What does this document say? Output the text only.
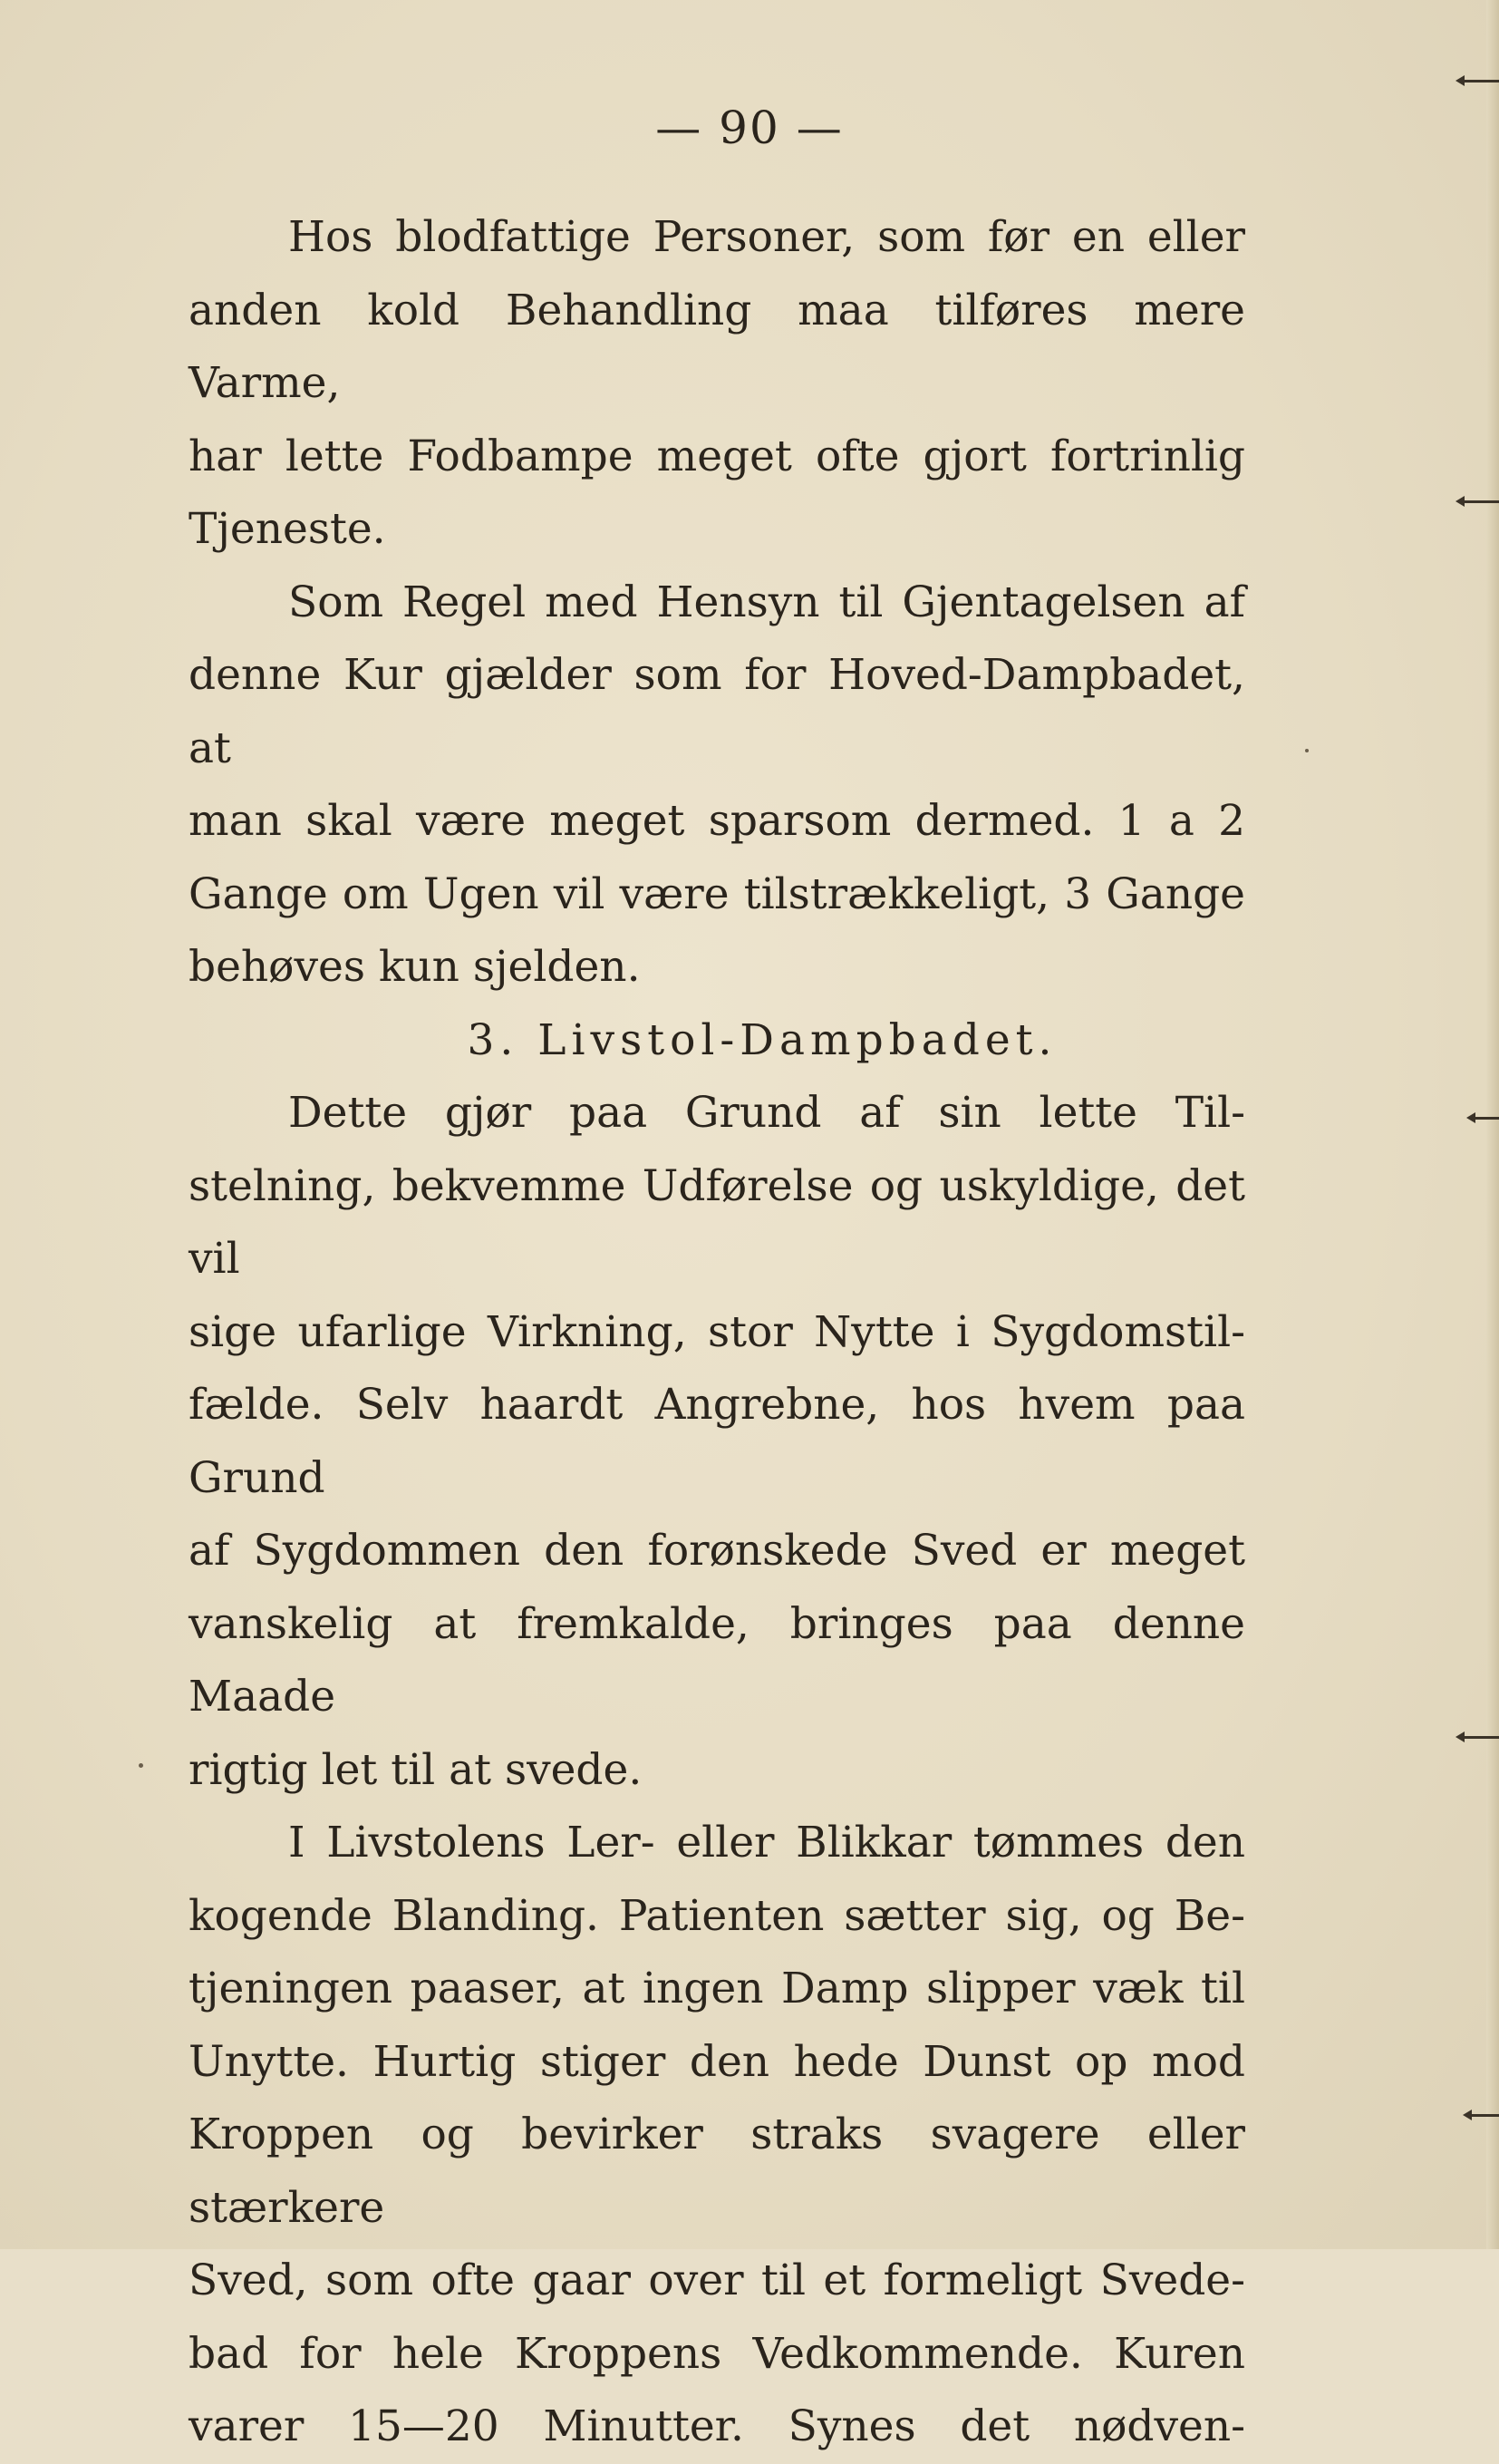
— 90 —

Hos blodfattige Personer, som før en eller

anden kold Behandling maa tilføres mere Varme,

har lette Fodbampe meget ofte gjort fortrinlig

Tjeneste.

Som Regel med Hensyn til Gjentagelsen af

denne Kur gjælder som for Hoved-Dampbadet, at

man skal være meget sparsom dermed. 1 a 2

Gange om Ugen vil være tilstrækkeligt, 3 Gange

behøves kun sjelden.

3. Livstol-Dampbadet.

Dette gjør paa Grund af sin lette Til-

stelning, bekvemme Udførelse og uskyldige, det vil

sige ufarlige Virkning, stor Nytte i Sygdomstil-

fælde. Selv haardt Angrebne, hos hvem paa Grund

af Sygdommen den forønskede Sved er meget

vanskelig at fremkalde, bringes paa denne Maade

rigtig let til at svede.

I Livstolens Ler- eller Blikkar tømmes den

kogende Blanding. Patienten sætter sig, og Be-

tjeningen paaser, at ingen Damp slipper væk til

Unytte. Hurtig stiger den hede Dunst op mod

Kroppen og bevirker straks svagere eller stærkere

Sved, som ofte gaar over til et formeligt Svede-

bad for hele Kroppens Vedkommende. Kuren

varer 15—20 Minutter. Synes det nødven-
